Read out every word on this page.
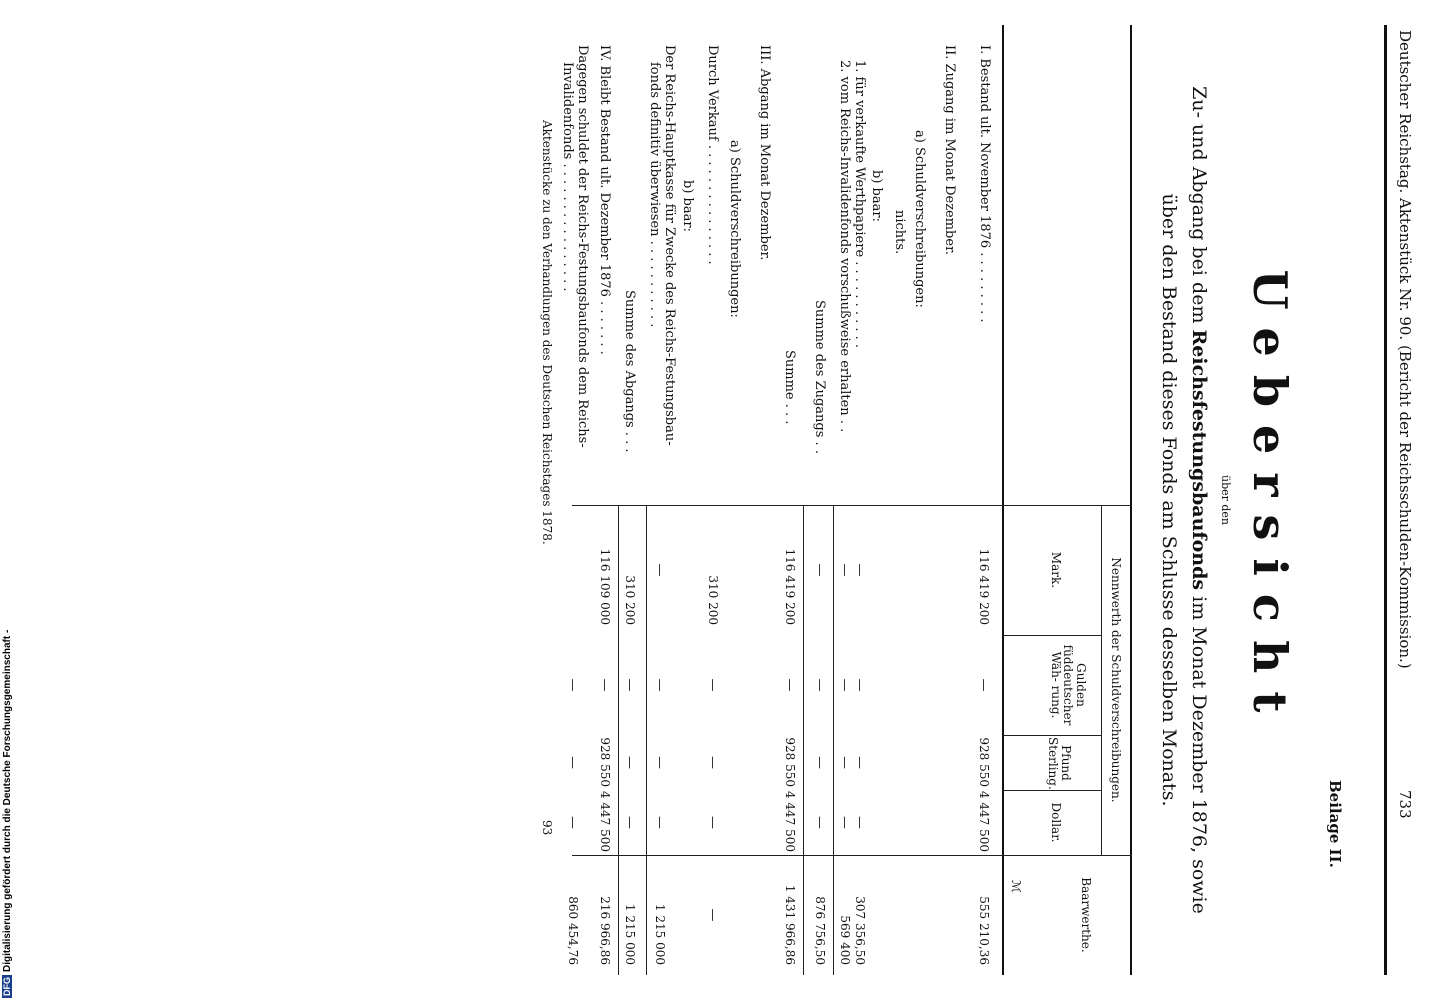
Deutscher Reichstag. Aktenstück Nr. 90. (Bericht der Reichsschulden-Kommission.)
733
Beilage II.
Uebersicht
über den
Zu- und Abgang bei dem Reichsfestungsbaufonds im Monat Dezember 1876, sowie
über den Bestand dieses Fonds am Schlusse desselben Monats.
Nennwerth der Schuldverschreibungen.
Mark.
Gulden füddeutscher Wäh- rung.
Pfund Sterling.
Dollar.
Baarwerthe.
ℳ
I. Bestand ult. November 1876 . . . . . . . . .
II. Zugang im Monat Dezember.
a) Schuldverschreibungen:
nichts.
b) baar:
1. für verkaufte Werthpapiere . . . . . . . . . . .
2. vom Reichs-Invalidenfonds vorschußweise erhalten . .
Summe des Zugangs . .
Summe . . .
III. Abgang im Monat Dezember.
a) Schuldverschreibungen:
Durch Verkauf . . . . . . . . . . . . . . .
b) baar:
Der Reichs-Hauptkasse für Zwecke des Reichs-Festungsbau-
fonds definitiv überwiesen . . . . . . . . . . .
Summe des Abgangs . . .
IV. Bleibt Bestand ult. Dezember 1876 . . . . . . .
Dagegen schuldet der Reichs-Festungsbaufonds dem Reichs-
Invalidenfonds . . . . . . . . . . . . . . . .
116 419 200
—
928 550
4 447 500
555 210,36
—
—
—
—
307 356,50
—
—
—
—
569 400
—
—
—
—
876 756,50
116 419 200
—
928 550
4 447 500
1 431 966,86
310 200
—
—
—
—
—
—
—
—
1 215 000
310 200
—
—
—
1 215 000
116 109 000
—
928 550
4 447 500
216 966,86
—
—
—
860 454,76
Aktenstücke zu den Verhandlungen des Deutschen Reichstages 1878.
93
DFGDigitalisierung gefördert durch die Deutsche Forschungsgemeinschaft -
